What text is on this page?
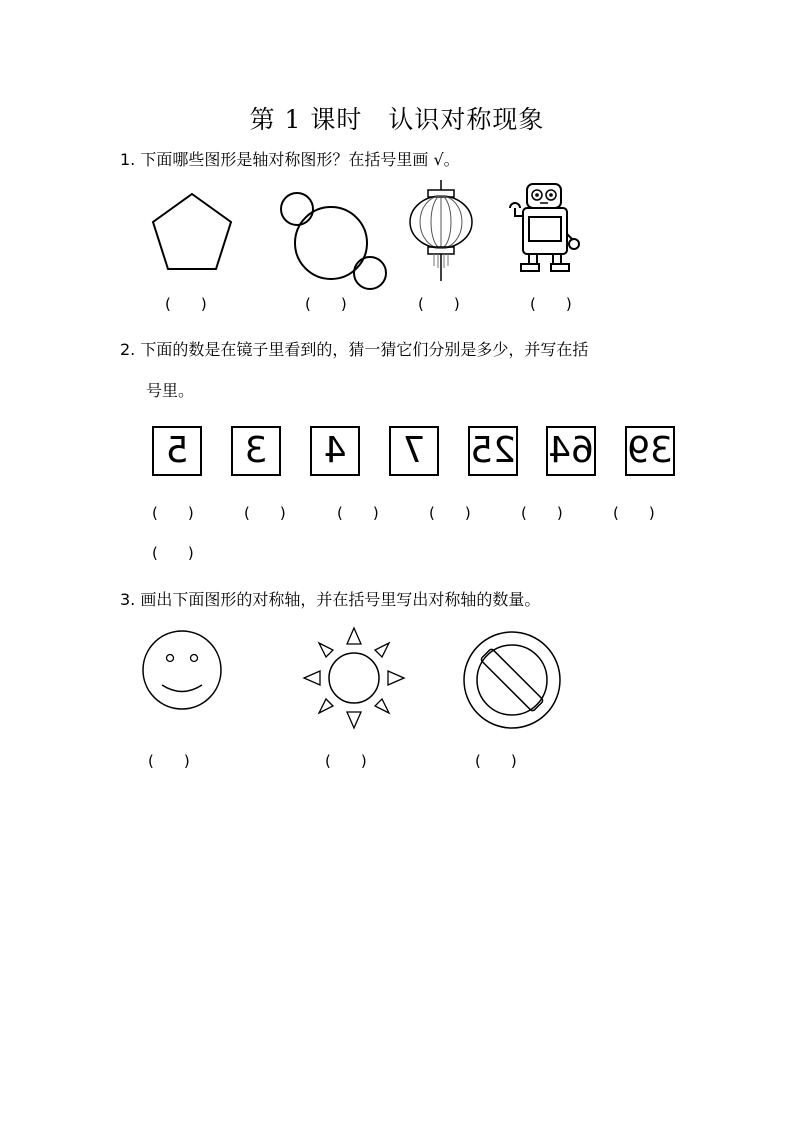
第 1 课时　认识对称现象
1. 下面哪些图形是轴对称图形？在括号里画 √。
(　　)	(　　)	(　　)	(　　)
2. 下面的数是在镜子里看到的，猜一猜它们分别是多少，并写在括
号里。
5	3	4	7	25 64 39
(　　)	(　　)	(　　)	(　　)	(　　)	(　　)
(　　)
3. 画出下面图形的对称轴，并在括号里写出对称轴的数量。
(　　)	(　　)	(　　)
